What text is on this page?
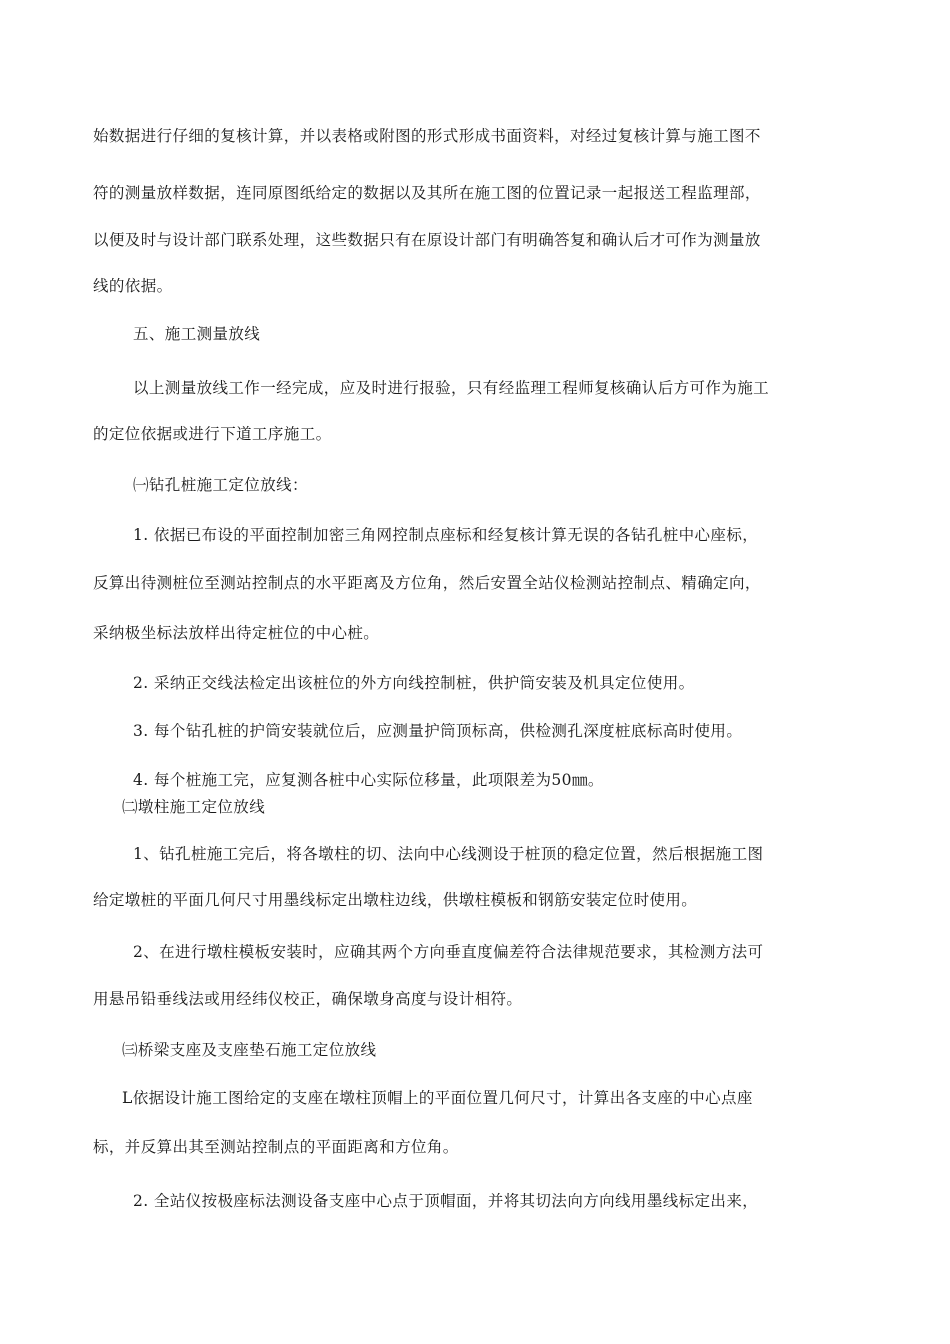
始数据进行仔细的复核计算，并以表格或附图的形式形成书面资料，对经过复核计算与施工图不

符的测量放样数据，连同原图纸给定的数据以及其所在施工图的位置记录一起报送工程监理部，

以便及时与设计部门联系处理，这些数据只有在原设计部门有明确答复和确认后才可作为测量放

线的依据。

五、施工测量放线

以上测量放线工作一经完成，应及时进行报验，只有经监理工程师复核确认后方可作为施工

的定位依据或进行下道工序施工。

㈠钻孔桩施工定位放线：

1. 依据已布设的平面控制加密三角网控制点座标和经复核计算无误的各钻孔桩中心座标，

反算出待测桩位至测站控制点的水平距离及方位角，然后安置全站仪检测站控制点、精确定向，

采纳极坐标法放样出待定桩位的中心桩。

2. 采纳正交线法检定出该桩位的外方向线控制桩，供护筒安装及机具定位使用。

3. 每个钻孔桩的护筒安装就位后，应测量护筒顶标高，供检测孔深度桩底标高时使用。

4. 每个桩施工完，应复测各桩中心实际位移量，此项限差为50㎜。

㈡墩柱施工定位放线

1、钻孔桩施工完后，将各墩柱的切、法向中心线测设于桩顶的稳定位置，然后根据施工图

给定墩桩的平面几何尺寸用墨线标定出墩柱边线，供墩柱模板和钢筋安装定位时使用。

2、在进行墩柱模板安装时，应确其两个方向垂直度偏差符合法律规范要求，其检测方法可

用悬吊铅垂线法或用经纬仪校正，确保墩身高度与设计相符。

㈢桥梁支座及支座垫石施工定位放线

L依据设计施工图给定的支座在墩柱顶帽上的平面位置几何尺寸，计算出各支座的中心点座

标，并反算出其至测站控制点的平面距离和方位角。

2. 全站仪按极座标法测设备支座中心点于顶帽面，并将其切法向方向线用墨线标定出来，
